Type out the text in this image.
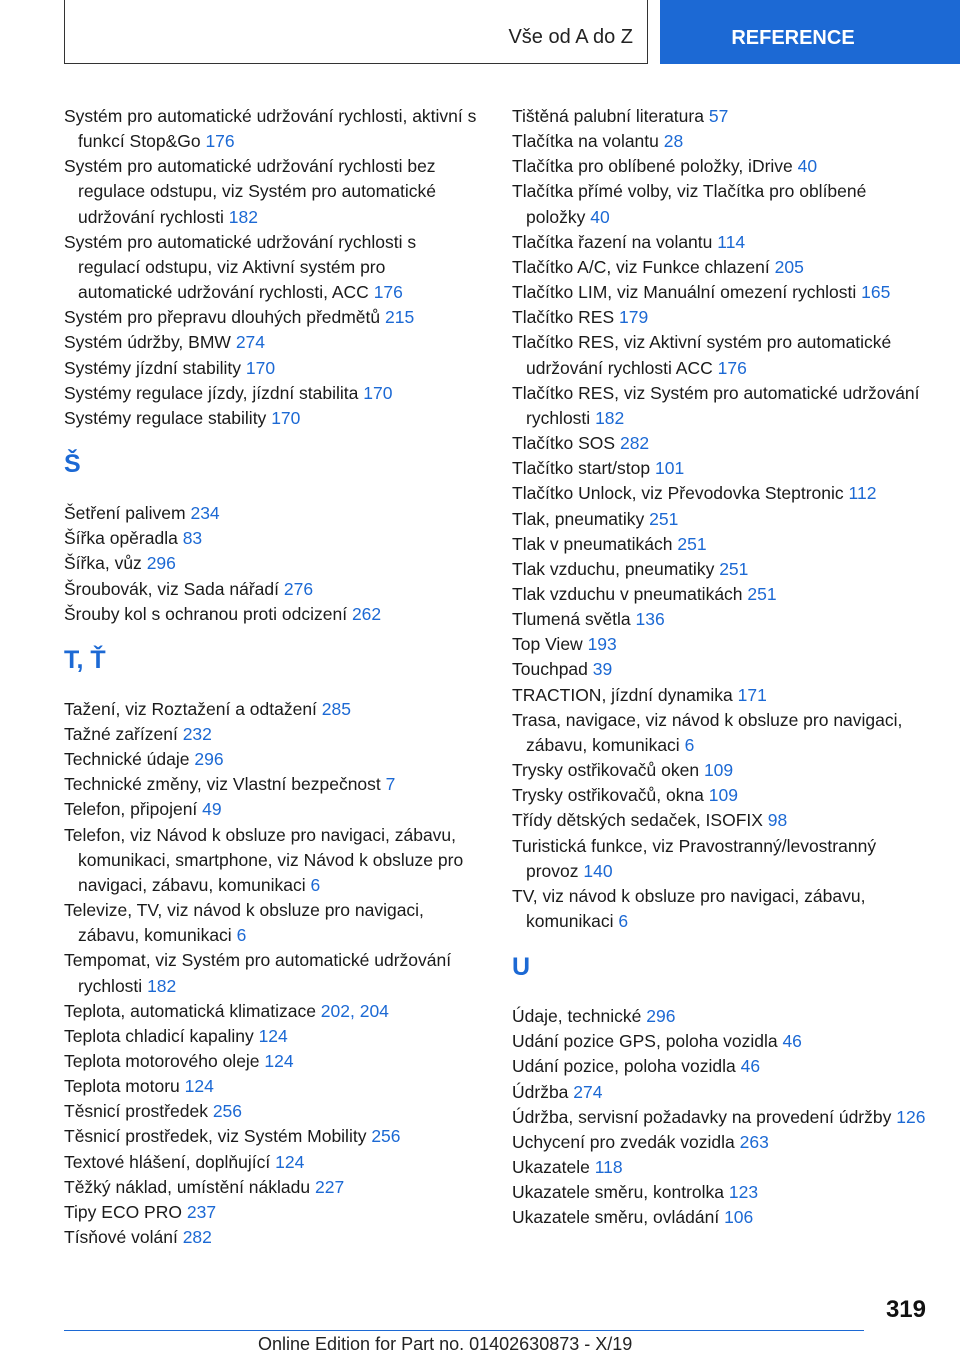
Vše od A do Z	REFERENCE
Systém pro automatické udržování rychlosti, aktivní s funkcí Stop&Go 176
Systém pro automatické udržování rychlosti bez regulace odstupu, viz Systém pro automatické udržování rychlosti 182
Systém pro automatické udržování rychlosti s regulací odstupu, viz Aktivní systém pro automatické udržování rychlosti, ACC 176
Systém pro přepravu dlouhých předmětů 215
Systém údržby, BMW 274
Systémy jízdní stability 170
Systémy regulace jízdy, jízdní stabilita 170
Systémy regulace stability 170
Š
Šetření palivem 234
Šířka opěradla 83
Šířka, vůz 296
Šroubovák, viz Sada nářadí 276
Šrouby kol s ochranou proti odcizení 262
T, Ť
Tažení, viz Roztažení a odtažení 285
Tažné zařízení 232
Technické údaje 296
Technické změny, viz Vlastní bezpečnost 7
Telefon, připojení 49
Telefon, viz Návod k obsluze pro navigaci, zábavu, komunikaci, smartphone, viz Návod k obsluze pro navigaci, zábavu, komunikaci 6
Televize, TV, viz návod k obsluze pro navigaci, zábavu, komunikaci 6
Tempomat, viz Systém pro automatické udržování rychlosti 182
Teplota, automatická klimatizace 202, 204
Teplota chladicí kapaliny 124
Teplota motorového oleje 124
Teplota motoru 124
Těsnicí prostředek 256
Těsnicí prostředek, viz Systém Mobility 256
Textové hlášení, doplňující 124
Těžký náklad, umístění nákladu 227
Tipy ECO PRO 237
Tísňové volání 282
Tištěná palubní literatura 57
Tlačítka na volantu 28
Tlačítka pro oblíbené položky, iDrive 40
Tlačítka přímé volby, viz Tlačítka pro oblíbené položky 40
Tlačítka řazení na volantu 114
Tlačítko A/C, viz Funkce chlazení 205
Tlačítko LIM, viz Manuální omezení rychlosti 165
Tlačítko RES 179
Tlačítko RES, viz Aktivní systém pro automatické udržování rychlosti ACC 176
Tlačítko RES, viz Systém pro automatické udržování rychlosti 182
Tlačítko SOS 282
Tlačítko start/stop 101
Tlačítko Unlock, viz Převodovka Steptronic 112
Tlak, pneumatiky 251
Tlak v pneumatikách 251
Tlak vzduchu, pneumatiky 251
Tlak vzduchu v pneumatikách 251
Tlumená světla 136
Top View 193
Touchpad 39
TRACTION, jízdní dynamika 171
Trasa, navigace, viz návod k obsluze pro navigaci, zábavu, komunikaci 6
Trysky ostřikovačů oken 109
Trysky ostřikovačů, okna 109
Třídy dětských sedaček, ISOFIX 98
Turistická funkce, viz Pravostranný/levostranný provoz 140
TV, viz návod k obsluze pro navigaci, zábavu, komunikaci 6
U
Údaje, technické 296
Udání pozice GPS, poloha vozidla 46
Udání pozice, poloha vozidla 46
Údržba 274
Údržba, servisní požadavky na provedení údržby 126
Uchycení pro zvedák vozidla 263
Ukazatele 118
Ukazatele směru, kontrolka 123
Ukazatele směru, ovládání 106
319
Online Edition for Part no. 01402630873 - X/19
